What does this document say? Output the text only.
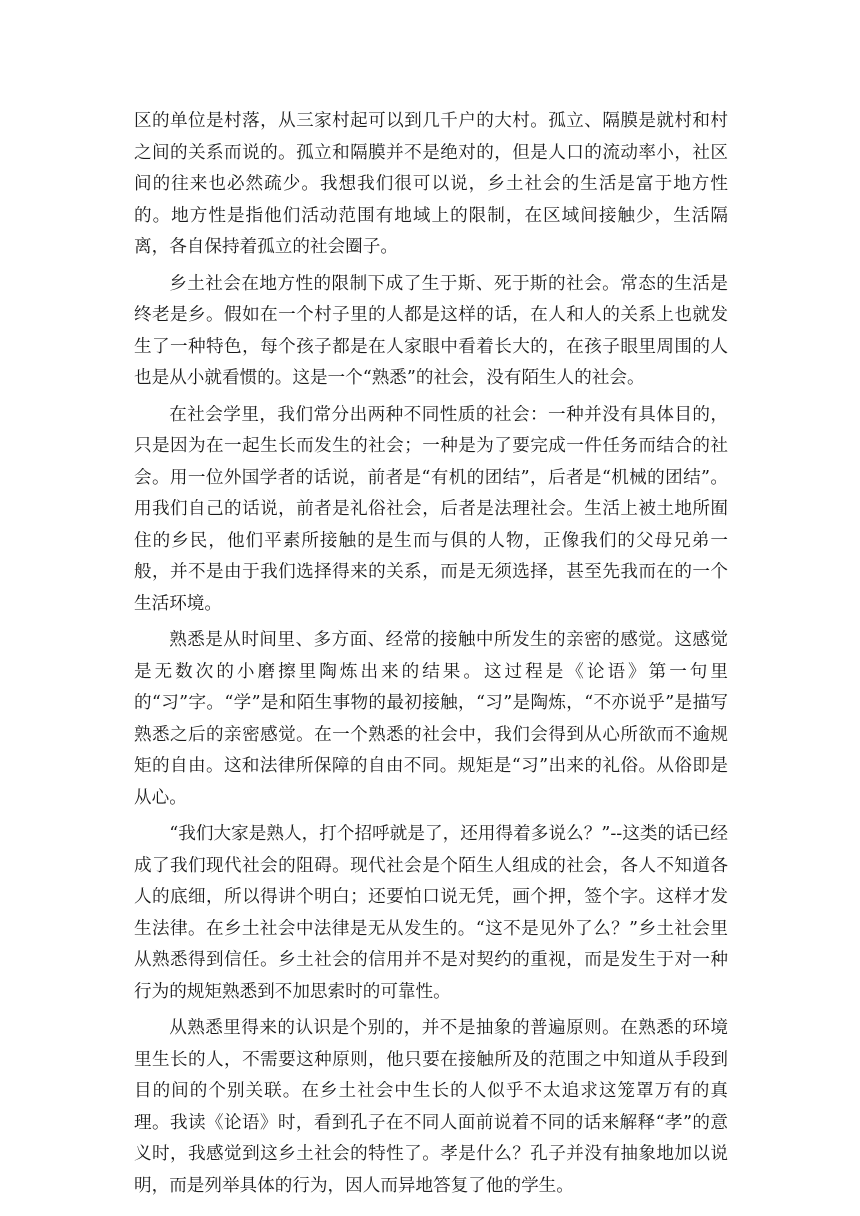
区的单位是村落，从三家村起可以到几千户的大村。孤立、隔膜是就村和村之间的关系而说的。孤立和隔膜并不是绝对的，但是人口的流动率小，社区间的往来也必然疏少。我想我们很可以说，乡土社会的生活是富于地方性的。地方性是指他们活动范围有地域上的限制，在区域间接触少，生活隔离，各自保持着孤立的社会圈子。

乡土社会在地方性的限制下成了生于斯、死于斯的社会。常态的生活是终老是乡。假如在一个村子里的人都是这样的话，在人和人的关系上也就发生了一种特色，每个孩子都是在人家眼中看着长大的，在孩子眼里周围的人也是从小就看惯的。这是一个“熟悉”的社会，没有陌生人的社会。

在社会学里，我们常分出两种不同性质的社会：一种并没有具体目的，只是因为在一起生长而发生的社会；一种是为了要完成一件任务而结合的社会。用一位外国学者的话说，前者是“有机的团结”，后者是“机械的团结”。用我们自己的话说，前者是礼俗社会，后者是法理社会。生活上被土地所囿住的乡民，他们平素所接触的是生而与俱的人物，正像我们的父母兄弟一般，并不是由于我们选择得来的关系，而是无须选择，甚至先我而在的一个生活环境。

熟悉是从时间里、多方面、经常的接触中所发生的亲密的感觉。这感觉是无数次的小磨擦里陶炼出来的结果。这过程是《论语》第一句里的“习”字。“学”是和陌生事物的最初接触，“习”是陶炼，“不亦说乎”是描写熟悉之后的亲密感觉。在一个熟悉的社会中，我们会得到从心所欲而不逾规矩的自由。这和法律所保障的自由不同。规矩是“习”出来的礼俗。从俗即是从心。

“我们大家是熟人，打个招呼就是了，还用得着多说么？”--这类的话已经成了我们现代社会的阻碍。现代社会是个陌生人组成的社会，各人不知道各人的底细，所以得讲个明白；还要怕口说无凭，画个押，签个字。这样才发生法律。在乡土社会中法律是无从发生的。“这不是见外了么？”乡土社会里从熟悉得到信任。乡土社会的信用并不是对契约的重视，而是发生于对一种行为的规矩熟悉到不加思索时的可靠性。

从熟悉里得来的认识是个别的，并不是抽象的普遍原则。在熟悉的环境里生长的人，不需要这种原则，他只要在接触所及的范围之中知道从手段到目的间的个别关联。在乡土社会中生长的人似乎不太追求这笼罩万有的真理。我读《论语》时，看到孔子在不同人面前说着不同的话来解释“孝”的意义时，我感觉到这乡土社会的特性了。孝是什么？孔子并没有抽象地加以说明，而是列举具体的行为，因人而异地答复了他的学生。
